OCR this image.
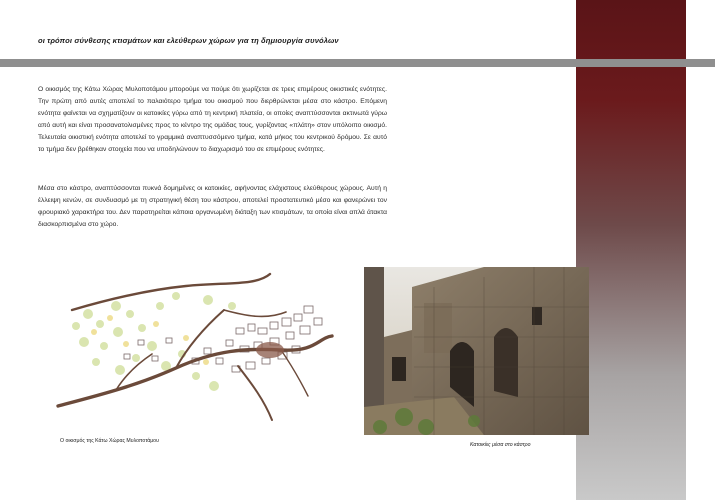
οι τρόποι σύνθεσης κτισμάτων και ελεύθερων χώρων για τη δημιουργία συνόλων

Ο οικισμός της Κάτω Χώρας Μυλοποτάμου μπορούμε να πούμε ότι χωρίζεται σε τρεις επιμέρους οικιστικές ενότητες. Την πρώτη από αυτές αποτελεί το παλαιότερο τμήμα του οικισμού που διερθρώνεται μέσα στο κάστρο. Επόμενη ενότητα φαίνεται να σχηματίζουν οι κατοικίες γύρω από τη κεντρική πλατεία, οι οποίες αναπτύσσονται ακτινωτά γύρω από αυτή και είναι προσανατολισμένες προς το κέντρο της ομάδας τους, γυρίζοντας «πλάτη» στον υπόλοιπο οικισμό. Τελευταία οικιστική ενότητα αποτελεί το γραμμικά αναπτυσσόμενο τμήμα, κατά μήκος του κεντρικού δρόμου. Σε αυτό το τμήμα δεν βρέθηκαν στοιχεία που να υποδηλώνουν το διαχωρισμό του σε επιμέρους ενότητες.

Μέσα στο κάστρο, αναπτύσσονται πυκνά δομημένες οι κατοικίες, αφήνοντας ελάχιστους ελεύθερους χώρους. Αυτή η έλλειψη κενών, σε συνδυασμό με τη στρατηγική θέση του κάστρου, αποτελεί προστατευτικό μέσο και φανερώνει τον φρουριακό χαρακτήρα του. Δεν παρατηρείται κάποια οργανωμένη διάταξη των κτισμάτων, τα οποία είναι απλά άτακτα διασκορπισμένα στο χώρο.

Ο οικισμός της Κάτω Χώρας Μυλοποτάμου
Κατοικίες μέσα στο κάστρο
